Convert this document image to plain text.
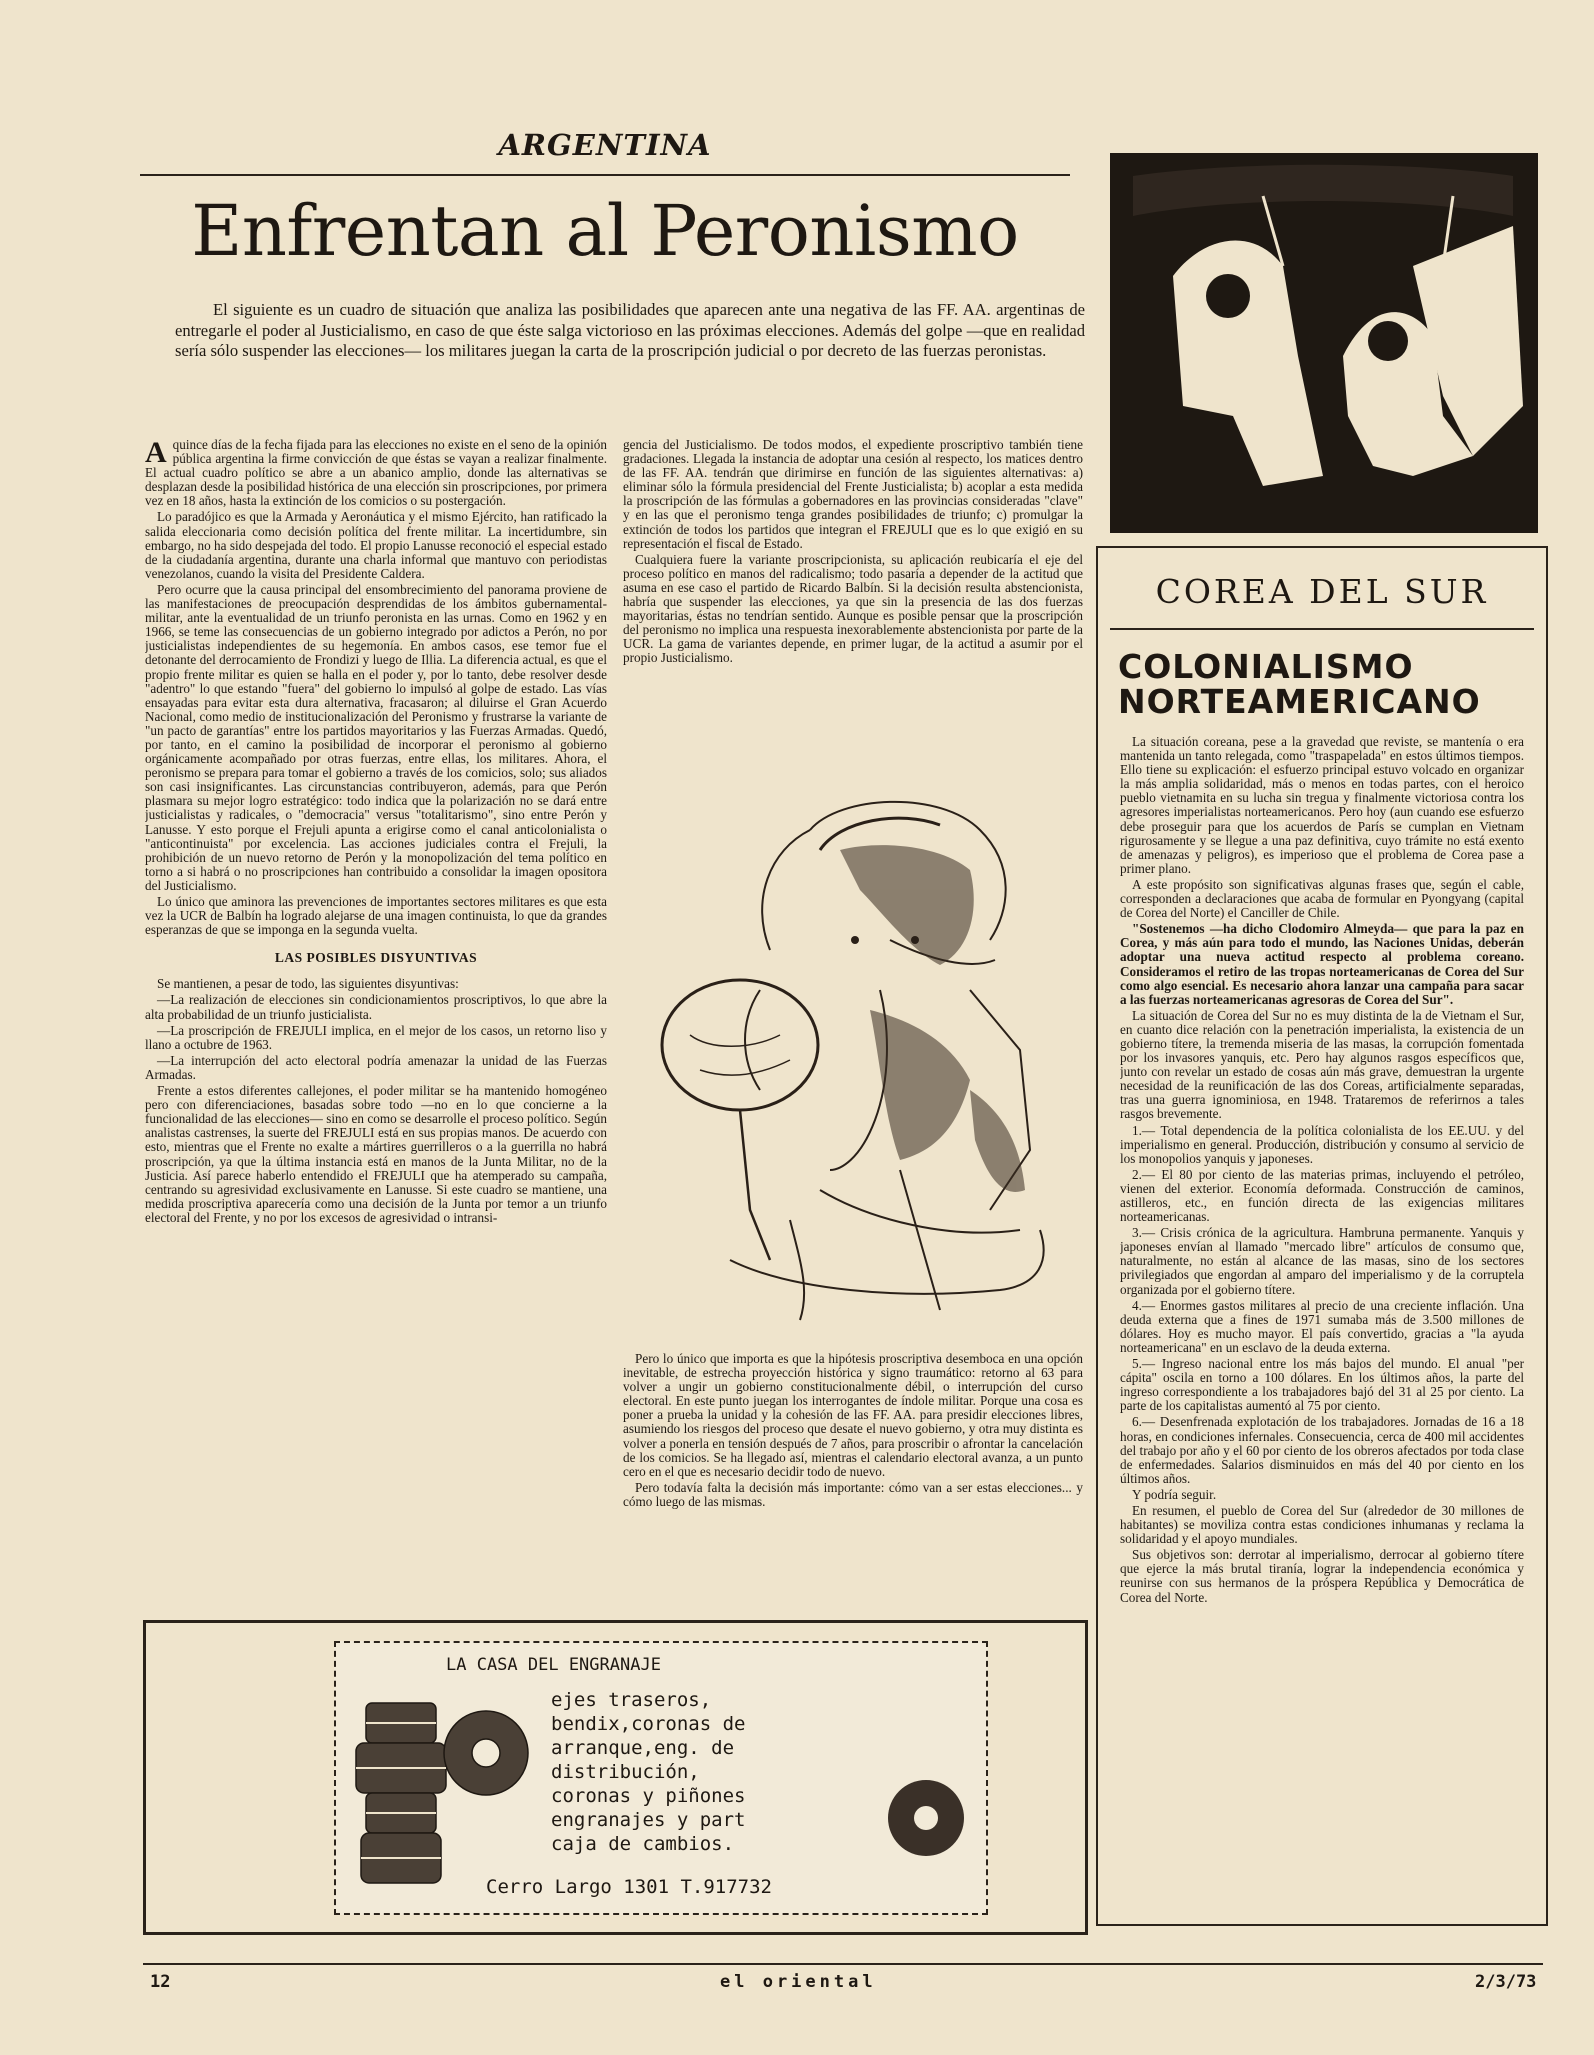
ARGENTINA
Enfrentan al Peronismo
El siguiente es un cuadro de situación que analiza las posibilidades que aparecen ante una negativa de las FF. AA. argentinas de entregarle el poder al Justicialismo, en caso de que éste salga victorioso en las próximas elecciones. Además del golpe —que en realidad sería sólo suspender las elecciones— los militares juegan la carta de la proscripción judicial o por decreto de las fuerzas peronistas.

Aquince días de la fecha fijada para las elecciones no existe en el seno de la opinión pública argentina la firme convicción de que éstas se vayan a realizar finalmente. El actual cuadro político se abre a un abanico amplio, donde las alternativas se desplazan desde la posibilidad histórica de una elección sin proscripciones, por primera vez en 18 años, hasta la extinción de los comicios o su postergación.

Lo paradójico es que la Armada y Aeronáutica y el mismo Ejército, han ratificado la salida eleccionaria como decisión política del frente militar. La incertidumbre, sin embargo, no ha sido despejada del todo. El propio Lanusse reconoció el especial estado de la ciudadanía argentina, durante una charla informal que mantuvo con periodistas venezolanos, cuando la visita del Presidente Caldera.

Pero ocurre que la causa principal del ensombrecimiento del panorama proviene de las manifestaciones de preocupación desprendidas de los ámbitos gubernamental-militar, ante la eventualidad de un triunfo peronista en las urnas. Como en 1962 y en 1966, se teme las consecuencias de un gobierno integrado por adictos a Perón, no por justicialistas independientes de su hegemonía. En ambos casos, ese temor fue el detonante del derrocamiento de Frondizi y luego de Illia. La diferencia actual, es que el propio frente militar es quien se halla en el poder y, por lo tanto, debe resolver desde "adentro" lo que estando "fuera" del gobierno lo impulsó al golpe de estado. Las vías ensayadas para evitar esta dura alternativa, fracasaron; al diluirse el Gran Acuerdo Nacional, como medio de institucionalización del Peronismo y frustrarse la variante de "un pacto de garantías" entre los partidos mayoritarios y las Fuerzas Armadas. Quedó, por tanto, en el camino la posibilidad de incorporar el peronismo al gobierno orgánicamente acompañado por otras fuerzas, entre ellas, los militares. Ahora, el peronismo se prepara para tomar el gobierno a través de los comicios, solo; sus aliados son casi insignificantes. Las circunstancias contribuyeron, además, para que Perón plasmara su mejor logro estratégico: todo indica que la polarización no se dará entre justicialistas y radicales, o "democracia" versus "totalitarismo", sino entre Perón y Lanusse. Y esto porque el Frejuli apunta a erigirse como el canal anticolonialista o "anticontinuista" por excelencia. Las acciones judiciales contra el Frejuli, la prohibición de un nuevo retorno de Perón y la monopolización del tema político en torno a si habrá o no proscripciones han contribuido a consolidar la imagen opositora del Justicialismo.

Lo único que aminora las prevenciones de importantes sectores militares es que esta vez la UCR de Balbín ha logrado alejarse de una imagen continuista, lo que da grandes esperanzas de que se imponga en la segunda vuelta.

LAS POSIBLES DISYUNTIVAS

Se mantienen, a pesar de todo, las siguientes disyuntivas:

—La realización de elecciones sin condicionamientos proscriptivos, lo que abre la alta probabilidad de un triunfo justicialista.

—La proscripción de FREJULI implica, en el mejor de los casos, un retorno liso y llano a octubre de 1963.

—La interrupción del acto electoral podría amenazar la unidad de las Fuerzas Armadas.

Frente a estos diferentes callejones, el poder militar se ha mantenido homogéneo pero con diferenciaciones, basadas sobre todo —no en lo que concierne a la funcionalidad de las elecciones— sino en como se desarrolle el proceso político. Según analistas castrenses, la suerte del FREJULI está en sus propias manos. De acuerdo con esto, mientras que el Frente no exalte a mártires guerrilleros o a la guerrilla no habrá proscripción, ya que la última instancia está en manos de la Junta Militar, no de la Justicia. Así parece haberlo entendido el FREJULI que ha atemperado su campaña, centrando su agresividad exclusivamente en Lanusse. Si este cuadro se mantiene, una medida proscriptiva aparecería como una decisión de la Junta por temor a un triunfo electoral del Frente, y no por los excesos de agresividad o intransi-

gencia del Justicialismo. De todos modos, el expediente proscriptivo también tiene gradaciones. Llegada la instancia de adoptar una cesión al respecto, los matices dentro de las FF. AA. tendrán que dirimirse en función de las siguientes alternativas: a) eliminar sólo la fórmula presidencial del Frente Justicialista; b) acoplar a esta medida la proscripción de las fórmulas a gobernadores en las provincias consideradas "clave" y en las que el peronismo tenga grandes posibilidades de triunfo; c) promulgar la extinción de todos los partidos que integran el FREJULI que es lo que exigió en su representación el fiscal de Estado.

Cualquiera fuere la variante proscripcionista, su aplicación reubicaría el eje del proceso político en manos del radicalismo; todo pasaría a depender de la actitud que asuma en ese caso el partido de Ricardo Balbín. Si la decisión resulta abstencionista, habría que suspender las elecciones, ya que sin la presencia de las dos fuerzas mayoritarias, éstas no tendrían sentido. Aunque es posible pensar que la proscripción del peronismo no implica una respuesta inexorablemente abstencionista por parte de la UCR. La gama de variantes depende, en primer lugar, de la actitud a asumir por el propio Justicialismo.

Pero lo único que importa es que la hipótesis proscriptiva desemboca en una opción inevitable, de estrecha proyección histórica y signo traumático: retorno al 63 para volver a ungir un gobierno constitucionalmente débil, o interrupción del curso electoral. En este punto juegan los interrogantes de índole militar. Porque una cosa es poner a prueba la unidad y la cohesión de las FF. AA. para presidir elecciones libres, asumiendo los riesgos del proceso que desate el nuevo gobierno, y otra muy distinta es volver a ponerla en tensión después de 7 años, para proscribir o afrontar la cancelación de los comicios. Se ha llegado así, mientras el calendario electoral avanza, a un punto cero en el que es necesario decidir todo de nuevo.

Pero todavía falta la decisión más importante: cómo van a ser estas elecciones... y cómo luego de las mismas.

LA CASA DEL ENGRANAJE
ejes traseros,
bendix,coronas de
arranque,eng. de
distribución,
coronas y piñones
engranajes y part
caja de cambios.
Cerro Largo 1301 T.917732
COREA DEL SUR
COLONIALISMO
NORTEAMERICANO

La situación coreana, pese a la gravedad que reviste, se mantenía o era mantenida un tanto relegada, como "traspapelada" en estos últimos tiempos. Ello tiene su explicación: el esfuerzo principal estuvo volcado en organizar la más amplia solidaridad, más o menos en todas partes, con el heroico pueblo vietnamita en su lucha sin tregua y finalmente victoriosa contra los agresores imperialistas norteamericanos. Pero hoy (aun cuando ese esfuerzo debe proseguir para que los acuerdos de París se cumplan en Vietnam rigurosamente y se llegue a una paz definitiva, cuyo trámite no está exento de amenazas y peligros), es imperioso que el problema de Corea pase a primer plano.

A este propósito son significativas algunas frases que, según el cable, corresponden a declaraciones que acaba de formular en Pyongyang (capital de Corea del Norte) el Canciller de Chile.

"Sostenemos —ha dicho Clodomiro Almeyda— que para la paz en Corea, y más aún para todo el mundo, las Naciones Unidas, deberán adoptar una nueva actitud respecto al problema coreano. Consideramos el retiro de las tropas norteamericanas de Corea del Sur como algo esencial. Es necesario ahora lanzar una campaña para sacar a las fuerzas norteamericanas agresoras de Corea del Sur".

La situación de Corea del Sur no es muy distinta de la de Vietnam el Sur, en cuanto dice relación con la penetración imperialista, la existencia de un gobierno títere, la tremenda miseria de las masas, la corrupción fomentada por los invasores yanquis, etc. Pero hay algunos rasgos específicos que, junto con revelar un estado de cosas aún más grave, demuestran la urgente necesidad de la reunificación de las dos Coreas, artificialmente separadas, tras una guerra ignominiosa, en 1948. Trataremos de referirnos a tales rasgos brevemente.

1.— Total dependencia de la política colonialista de los EE.UU. y del imperialismo en general. Producción, distribución y consumo al servicio de los monopolios yanquis y japoneses.

2.— El 80 por ciento de las materias primas, incluyendo el petróleo, vienen del exterior. Economía deformada. Construcción de caminos, astilleros, etc., en función directa de las exigencias militares norteamericanas.

3.— Crisis crónica de la agricultura. Hambruna permanente. Yanquis y japoneses envían al llamado "mercado libre" artículos de consumo que, naturalmente, no están al alcance de las masas, sino de los sectores privilegiados que engordan al amparo del imperialismo y de la corruptela organizada por el gobierno títere.

4.— Enormes gastos militares al precio de una creciente inflación. Una deuda externa que a fines de 1971 sumaba más de 3.500 millones de dólares. Hoy es mucho mayor. El país convertido, gracias a "la ayuda norteamericana" en un esclavo de la deuda externa.

5.— Ingreso nacional entre los más bajos del mundo. El anual "per cápita" oscila en torno a 100 dólares. En los últimos años, la parte del ingreso correspondiente a los trabajadores bajó del 31 al 25 por ciento. La parte de los capitalistas aumentó al 75 por ciento.

6.— Desenfrenada explotación de los trabajadores. Jornadas de 16 a 18 horas, en condiciones infernales. Consecuencia, cerca de 400 mil accidentes del trabajo por año y el 60 por ciento de los obreros afectados por toda clase de enfermedades. Salarios disminuidos en más del 40 por ciento en los últimos años.

Y podría seguir.

En resumen, el pueblo de Corea del Sur (alrededor de 30 millones de habitantes) se moviliza contra estas condiciones inhumanas y reclama la solidaridad y el apoyo mundiales.

Sus objetivos son: derrotar al imperialismo, derrocar al gobierno títere que ejerce la más brutal tiranía, lograr la independencia económica y reunirse con sus hermanos de la próspera República y Democrática de Corea del Norte.

12	el oriental	2/3/73
